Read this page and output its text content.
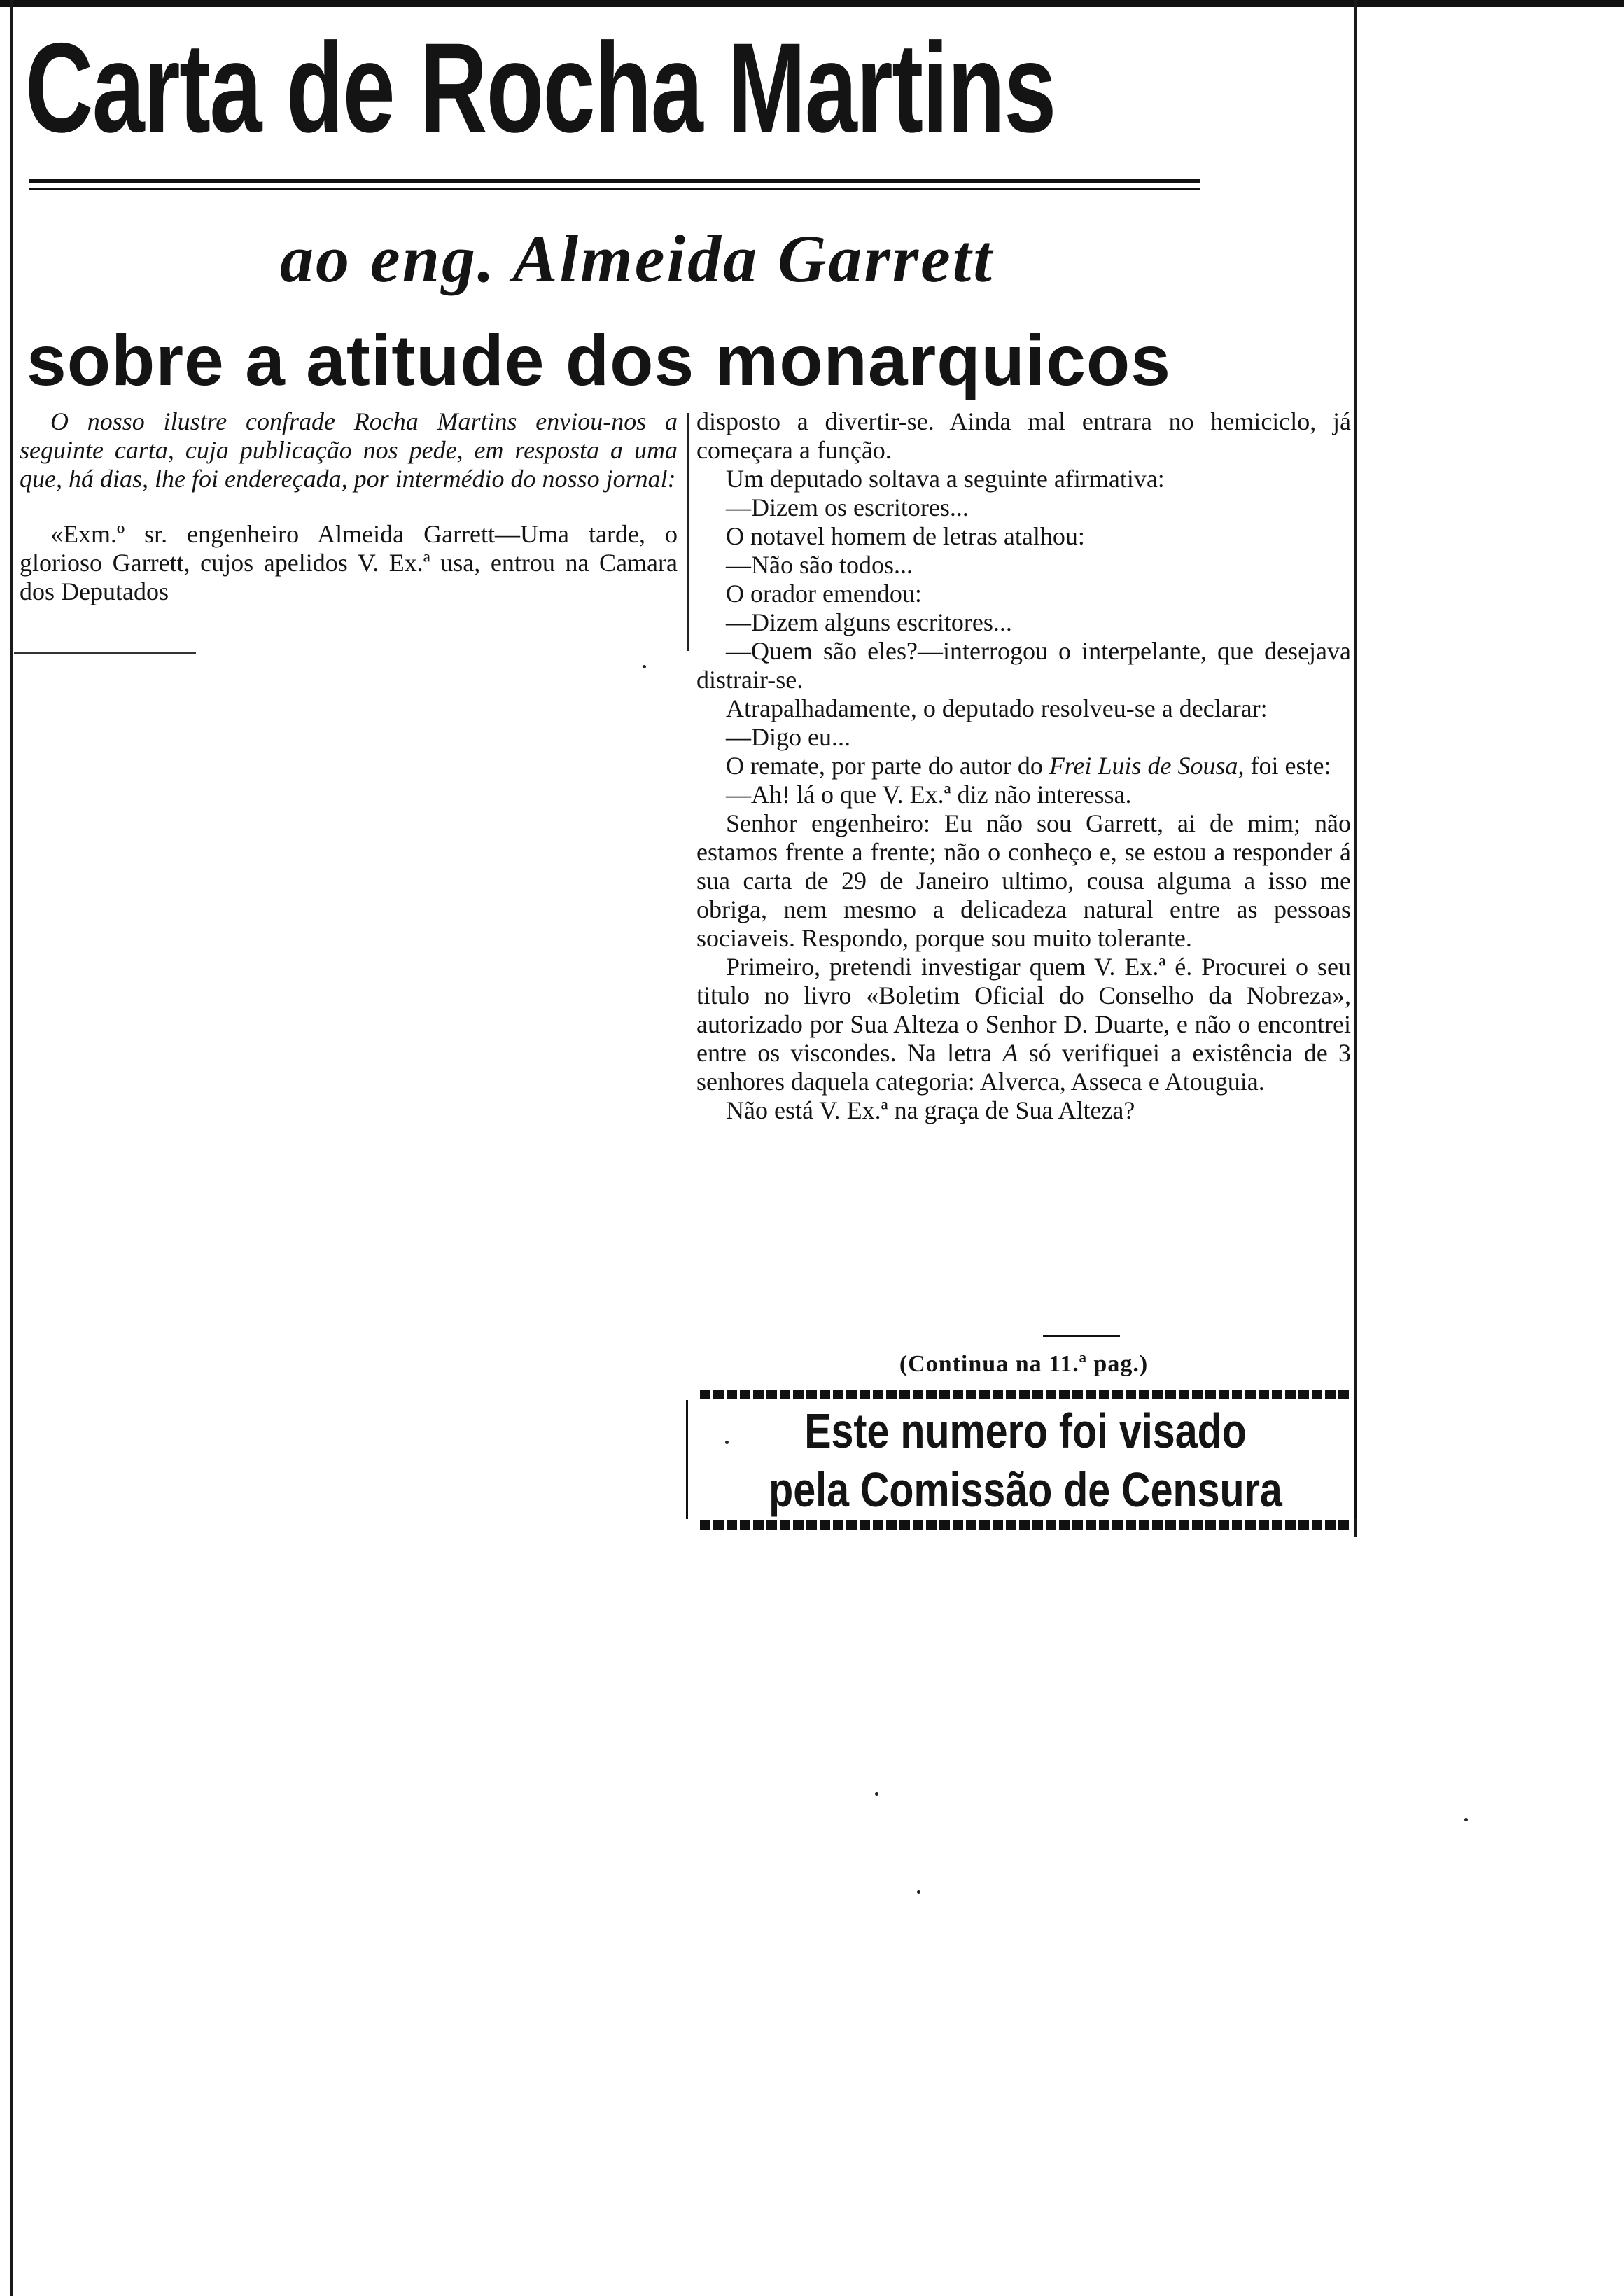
Carta de Rocha Martins
ao eng. Almeida Garrett
sobre a atitude dos monarquicos

O nosso ilustre confrade Rocha Martins enviou-nos a seguinte carta, cuja publicação nos pede, em resposta a uma que, há dias, lhe foi endereçada, por intermédio do nosso jornal:

«Exm.º sr. engenheiro Almeida Garrett—Uma tarde, o glorioso Garrett, cujos apelidos V. Ex.ª usa, entrou na Camara dos Deputados

disposto a divertir-se. Ainda mal entrara no hemiciclo, já começara a função.

Um deputado soltava a seguinte afirmativa:

—Dizem os escritores...

O notavel homem de letras atalhou:

—Não são todos...

O orador emendou:

—Dizem alguns escritores...

—Quem são eles?—interrogou o interpelante, que desejava distrair-se.

Atrapalhadamente, o deputado resolveu-se a declarar:

—Digo eu...

O remate, por parte do autor do Frei Luis de Sousa, foi este:

—Ah! lá o que V. Ex.ª diz não interessa.

Senhor engenheiro: Eu não sou Garrett, ai de mim; não estamos frente a frente; não o conheço e, se estou a responder á sua carta de 29 de Janeiro ultimo, cousa alguma a isso me obriga, nem mesmo a delicadeza natural entre as pessoas sociaveis. Respondo, porque sou muito tolerante.

Primeiro, pretendi investigar quem V. Ex.ª é. Procurei o seu titulo no livro «Boletim Oficial do Conselho da Nobreza», autorizado por Sua Alteza o Senhor D. Duarte, e não o encontrei entre os viscondes. Na letra A só verifiquei a existência de 3 senhores daquela categoria: Alverca, Asseca e Atouguia.

Não está V. Ex.ª na graça de Sua Alteza?

(Continua na 11.ª pag.)
Este numero foi visado
pela Comissão de Censura
